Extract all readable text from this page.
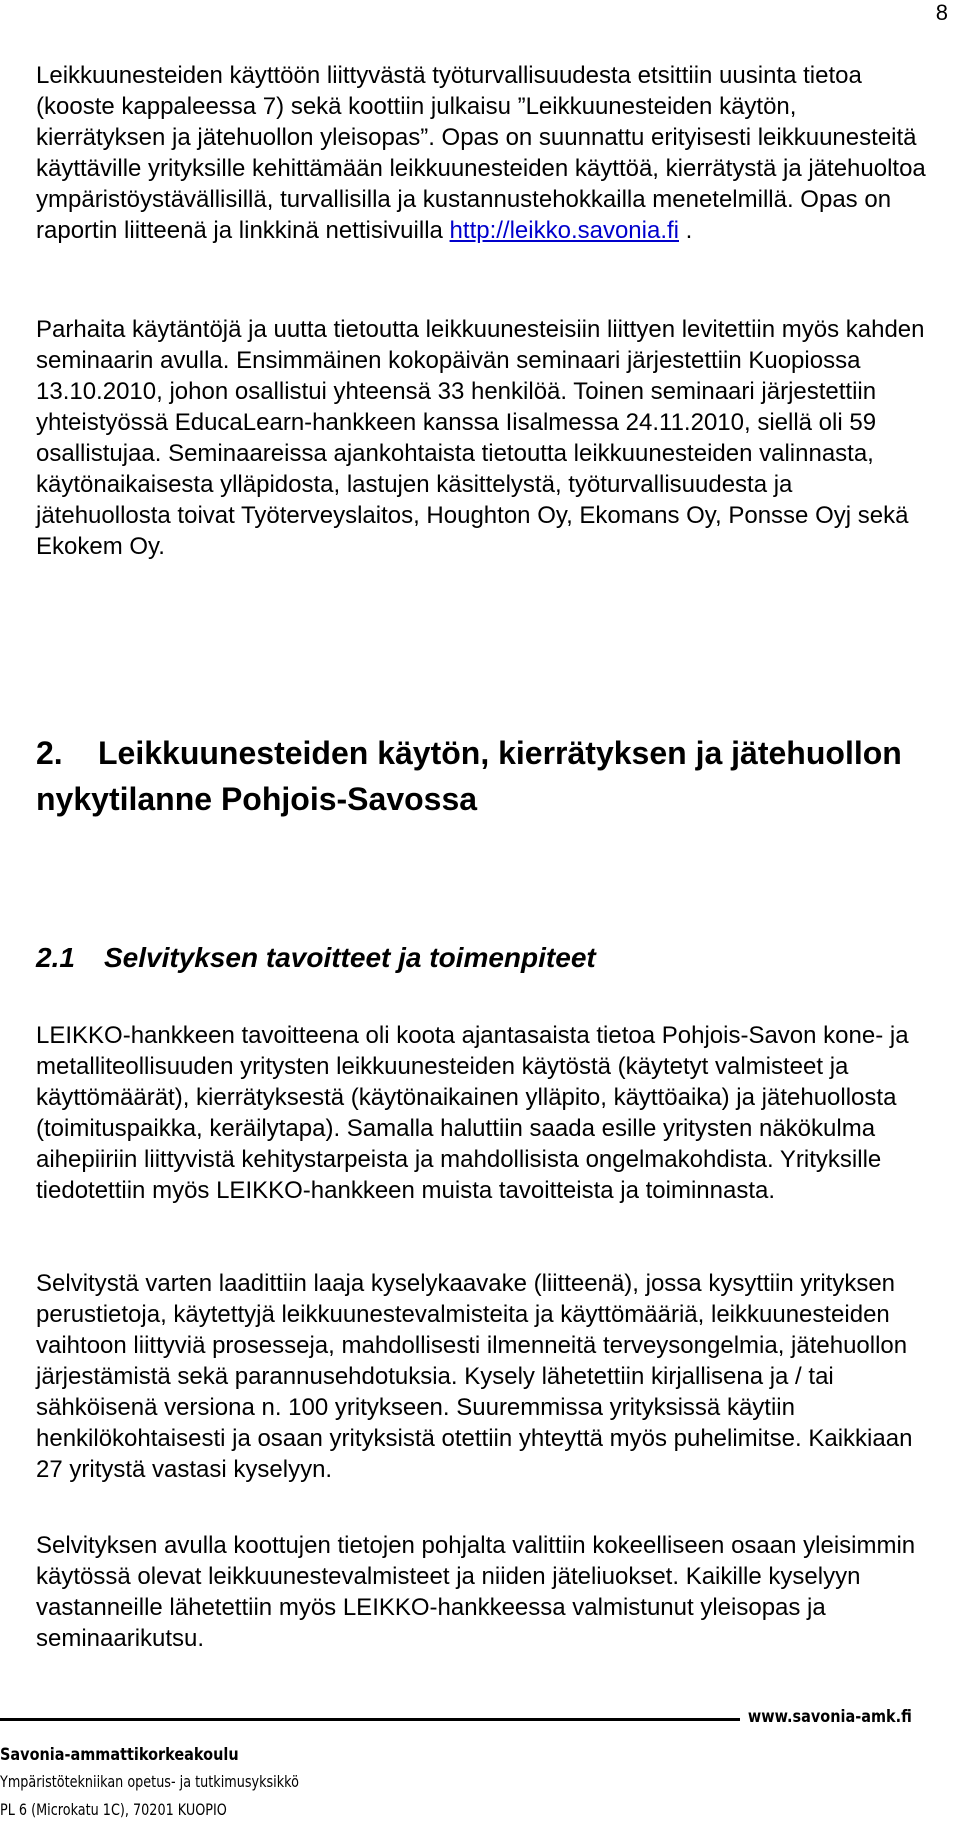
8

Leikkuunesteiden käyttöön liittyvästä työturvallisuudesta etsittiin uusinta tietoa (kooste kappaleessa 7) sekä koottiin julkaisu ”Leikkuunesteiden käytön, kierrätyksen ja jätehuollon yleisopas”. Opas on suunnattu erityisesti leikkuunesteitä käyttäville yrityksille kehittämään leikkuunesteiden käyttöä, kierrätystä ja jätehuoltoa ympäristöystävällisillä, turvallisilla ja kustannustehokkailla menetelmillä. Opas on raportin liitteenä ja linkkinä nettisivuilla http://leikko.savonia.fi .

Parhaita käytäntöjä ja uutta tietoutta leikkuunesteisiin liittyen levitettiin myös kahden seminaarin avulla. Ensimmäinen kokopäivän seminaari järjestettiin Kuopiossa 13.10.2010, johon osallistui yhteensä 33 henkilöä. Toinen seminaari järjestettiin yhteistyössä EducaLearn-hankkeen kanssa Iisalmessa 24.11.2010, siellä oli 59 osallistujaa. Seminaareissa ajankohtaista tietoutta leikkuunesteiden valinnasta, käytönaikaisesta ylläpidosta, lastujen käsittelystä, työturvallisuudesta ja jätehuollosta toivat Työterveyslaitos, Houghton Oy, Ekomans Oy, Ponsse Oyj sekä Ekokem Oy.

2. Leikkuunesteiden käytön, kierrätyksen ja jätehuollon nykytilanne Pohjois-Savossa
2.1 Selvityksen tavoitteet ja toimenpiteet

LEIKKO-hankkeen tavoitteena oli koota ajantasaista tietoa Pohjois-Savon kone- ja metalliteollisuuden yritysten leikkuunesteiden käytöstä (käytetyt valmisteet ja käyttömäärät), kierrätyksestä (käytönaikainen ylläpito, käyttöaika) ja jätehuollosta (toimituspaikka, keräilytapa). Samalla haluttiin saada esille yritysten näkökulma aihepiiriin liittyvistä kehitystarpeista ja mahdollisista ongelmakohdista. Yrityksille tiedotettiin myös LEIKKO-hankkeen muista tavoitteista ja toiminnasta.

Selvitystä varten laadittiin laaja kyselykaavake (liitteenä), jossa kysyttiin yrityksen perustietoja, käytettyjä leikkuunestevalmisteita ja käyttömääriä, leikkuunesteiden vaihtoon liittyviä prosesseja, mahdollisesti ilmenneitä terveysongelmia, jätehuollon järjestämistä sekä parannusehdotuksia. Kysely lähetettiin kirjallisena ja / tai sähköisenä versiona n. 100 yritykseen. Suuremmissa yrityksissä käytiin henkilökohtaisesti ja osaan yrityksistä otettiin yhteyttä myös puhelimitse. Kaikkiaan 27 yritystä vastasi kyselyyn.

Selvityksen avulla koottujen tietojen pohjalta valittiin kokeelliseen osaan yleisimmin käytössä olevat leikkuunestevalmisteet ja niiden jäteliuokset. Kaikille kyselyyn vastanneille lähetettiin myös LEIKKO-hankkeessa valmistunut yleisopas ja seminaarikutsu.

www.savonia-amk.fi
Savonia-ammattikorkeakoulu
Ympäristötekniikan opetus- ja tutkimusyksikkö
PL 6 (Microkatu 1C), 70201 KUOPIO
